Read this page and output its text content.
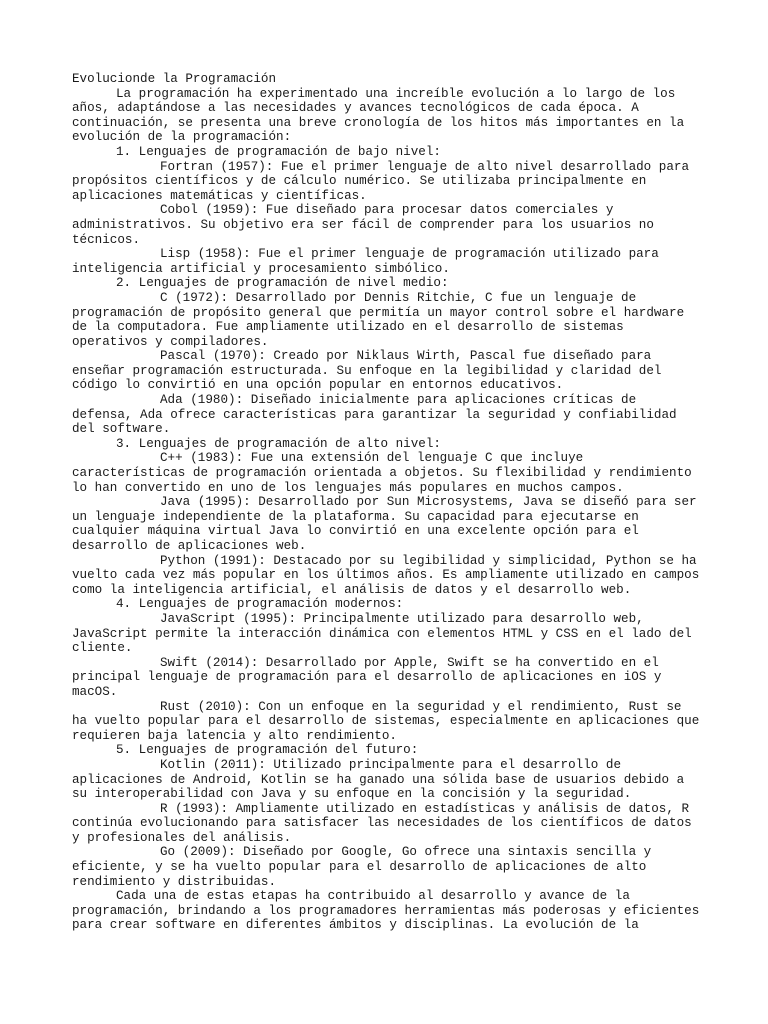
Evolucionde la Programación

La programación ha experimentado una increíble evolución a lo largo de los años, adaptándose a las necesidades y avances tecnológicos de cada época. A continuación, se presenta una breve cronología de los hitos más importantes en la evolución de la programación:

1. Lenguajes de programación de bajo nivel:

Fortran (1957): Fue el primer lenguaje de alto nivel desarrollado para propósitos científicos y de cálculo numérico. Se utilizaba principalmente en aplicaciones matemáticas y científicas.

Cobol (1959): Fue diseñado para procesar datos comerciales y administrativos. Su objetivo era ser fácil de comprender para los usuarios no técnicos.

Lisp (1958): Fue el primer lenguaje de programación utilizado para inteligencia artificial y procesamiento simbólico.

2. Lenguajes de programación de nivel medio:

C (1972): Desarrollado por Dennis Ritchie, C fue un lenguaje de programación de propósito general que permitía un mayor control sobre el hardware de la computadora. Fue ampliamente utilizado en el desarrollo de sistemas operativos y compiladores.

Pascal (1970): Creado por Niklaus Wirth, Pascal fue diseñado para enseñar programación estructurada. Su enfoque en la legibilidad y claridad del código lo convirtió en una opción popular en entornos educativos.

Ada (1980): Diseñado inicialmente para aplicaciones críticas de defensa, Ada ofrece características para garantizar la seguridad y confiabilidad del software.

3. Lenguajes de programación de alto nivel:

C++ (1983): Fue una extensión del lenguaje C que incluye características de programación orientada a objetos. Su flexibilidad y rendimiento lo han convertido en uno de los lenguajes más populares en muchos campos.

Java (1995): Desarrollado por Sun Microsystems, Java se diseñó para ser un lenguaje independiente de la plataforma. Su capacidad para ejecutarse en cualquier máquina virtual Java lo convirtió en una excelente opción para el desarrollo de aplicaciones web.

Python (1991): Destacado por su legibilidad y simplicidad, Python se ha vuelto cada vez más popular en los últimos años. Es ampliamente utilizado en campos como la inteligencia artificial, el análisis de datos y el desarrollo web.

4. Lenguajes de programación modernos:

JavaScript (1995): Principalmente utilizado para desarrollo web, JavaScript permite la interacción dinámica con elementos HTML y CSS en el lado del cliente.

Swift (2014): Desarrollado por Apple, Swift se ha convertido en el principal lenguaje de programación para el desarrollo de aplicaciones en iOS y macOS.

Rust (2010): Con un enfoque en la seguridad y el rendimiento, Rust se ha vuelto popular para el desarrollo de sistemas, especialmente en aplicaciones que requieren baja latencia y alto rendimiento.

5. Lenguajes de programación del futuro:

Kotlin (2011): Utilizado principalmente para el desarrollo de aplicaciones de Android, Kotlin se ha ganado una sólida base de usuarios debido a su interoperabilidad con Java y su enfoque en la concisión y la seguridad.

R (1993): Ampliamente utilizado en estadísticas y análisis de datos, R continúa evolucionando para satisfacer las necesidades de los científicos de datos y profesionales del análisis.

Go (2009): Diseñado por Google, Go ofrece una sintaxis sencilla y eficiente, y se ha vuelto popular para el desarrollo de aplicaciones de alto rendimiento y distribuidas.

Cada una de estas etapas ha contribuido al desarrollo y avance de la programación, brindando a los programadores herramientas más poderosas y eficientes para crear software en diferentes ámbitos y disciplinas. La evolución de la
